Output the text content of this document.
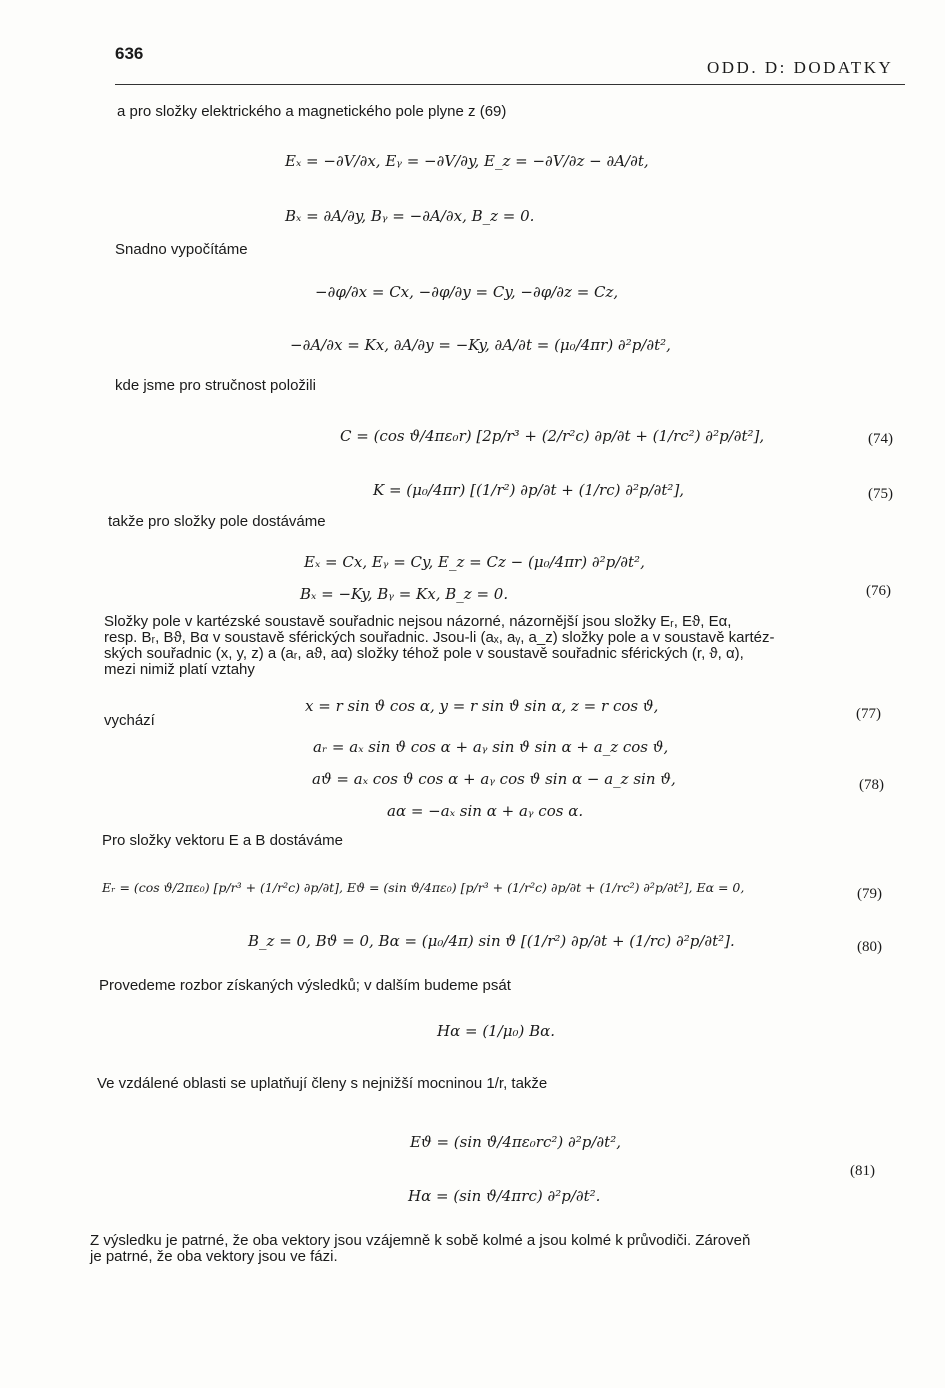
636
ODD. D: DODATKY
a pro složky elektrického a magnetického pole plyne z (69)
Eₓ = −∂V/∂x, Eᵧ = −∂V/∂y, E_z = −∂V/∂z − ∂A/∂t,
Bₓ = ∂A/∂y, Bᵧ = −∂A/∂x, B_z = 0.
Snadno vypočítáme
−∂φ/∂x = Cx, −∂φ/∂y = Cy, −∂φ/∂z = Cz,
−∂A/∂x = Kx, ∂A/∂y = −Ky, ∂A/∂t = (μ₀/4πr) ∂²p/∂t²,
kde jsme pro stručnost položili
C = (cos ϑ/4πε₀r) [2p/r³ + (2/r²c) ∂p/∂t + (1/rc²) ∂²p/∂t²],	(74)
K = (μ₀/4πr) [(1/r²) ∂p/∂t + (1/rc) ∂²p/∂t²],	(75)
takže pro složky pole dostáváme
Eₓ = Cx, Eᵧ = Cy, E_z = Cz − (μ₀/4πr) ∂²p/∂t²,
Bₓ = −Ky, Bᵧ = Kx, B_z = 0.	(76)
Složky pole v kartézské soustavě souřadnic nejsou názorné, názornější jsou složky Eᵣ, Eϑ, Eα,
resp. Bᵣ, Bϑ, Bα v soustavě sférických souřadnic. Jsou-li (aₓ, aᵧ, a_z) složky pole a v soustavě kartéz-
ských souřadnic (x, y, z) a (aᵣ, aϑ, aα) složky téhož pole v soustavě souřadnic sférických (r, ϑ, α),
mezi nimiž platí vztahy
x = r sin ϑ cos α, y = r sin ϑ sin α, z = r cos ϑ,
vychází	(77)
aᵣ = aₓ sin ϑ cos α + aᵧ sin ϑ sin α + a_z cos ϑ,
aϑ = aₓ cos ϑ cos α + aᵧ cos ϑ sin α − a_z sin ϑ,	(78)
aα = −aₓ sin α + aᵧ cos α.
Pro složky vektoru E a B dostáváme
Eᵣ = (cos ϑ/2πε₀) [p/r³ + (1/r²c) ∂p/∂t], Eϑ = (sin ϑ/4πε₀) [p/r³ + (1/r²c) ∂p/∂t + (1/rc²) ∂²p/∂t²], Eα = 0,	(79)
B_z = 0, Bϑ = 0, Bα = (μ₀/4π) sin ϑ [(1/r²) ∂p/∂t + (1/rc) ∂²p/∂t²].	(80)
Provedeme rozbor získaných výsledků; v dalším budeme psát
Hα = (1/μ₀) Bα.
Ve vzdálené oblasti se uplatňují členy s nejnižší mocninou 1/r, takže
Eϑ = (sin ϑ/4πε₀rc²) ∂²p/∂t²,
(81)
Hα = (sin ϑ/4πrc) ∂²p/∂t².
Z výsledku je patrné, že oba vektory jsou vzájemně k sobě kolmé a jsou kolmé k průvodiči. Zároveň
je patrné, že oba vektory jsou ve fázi.
